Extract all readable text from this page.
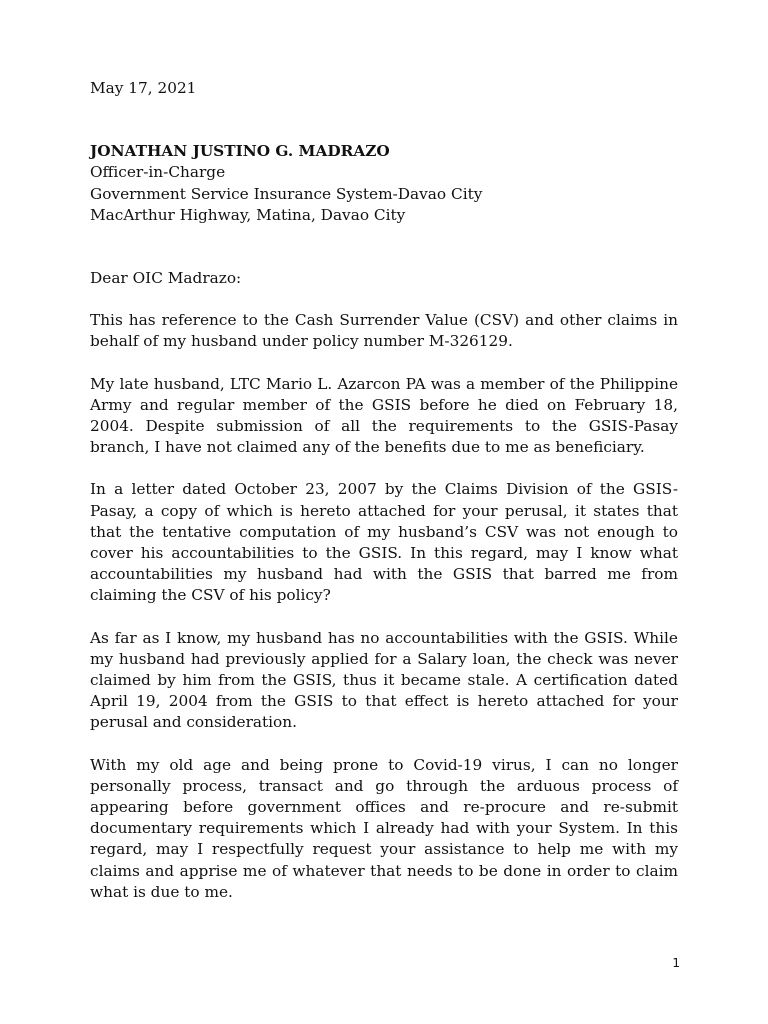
May 17, 2021
JONATHAN JUSTINO G. MADRAZO
Officer-in-Charge
Government Service Insurance System-Davao City
MacArthur Highway, Matina, Davao City
Dear OIC Madrazo:

This has reference to the Cash Surrender Value (CSV) and other claims in behalf of my husband under policy number M-326129.

My late husband, LTC Mario L. Azarcon PA was a member of the Philippine Army and regular member of the GSIS before he died on February 18, 2004. Despite submission of all the requirements to the GSIS-Pasay branch, I have not claimed any of the benefits due to me as beneficiary.

In a letter dated October 23, 2007 by the Claims Division of the GSIS-Pasay, a copy of which is hereto attached for your perusal, it states that that the tentative computation of my husband’s CSV was not enough to cover his accountabilities to the GSIS. In this regard, may I know what accountabilities my husband had with the GSIS that barred me from claiming the CSV of his policy?

As far as I know, my husband has no accountabilities with the GSIS. While my husband had previously applied for a Salary loan, the check was never claimed by him from the GSIS, thus it became stale. A certification dated April 19, 2004 from the GSIS to that effect is hereto attached for your perusal and consideration.

With my old age and being prone to Covid-19 virus, I can no longer personally process, transact and go through the arduous process of appearing before government offices and re-procure and re-submit documentary requirements which I already had with your System. In this regard, may I respectfully request your assistance to help me with my claims and apprise me of whatever that needs to be done in order to claim what is due to me.

1
